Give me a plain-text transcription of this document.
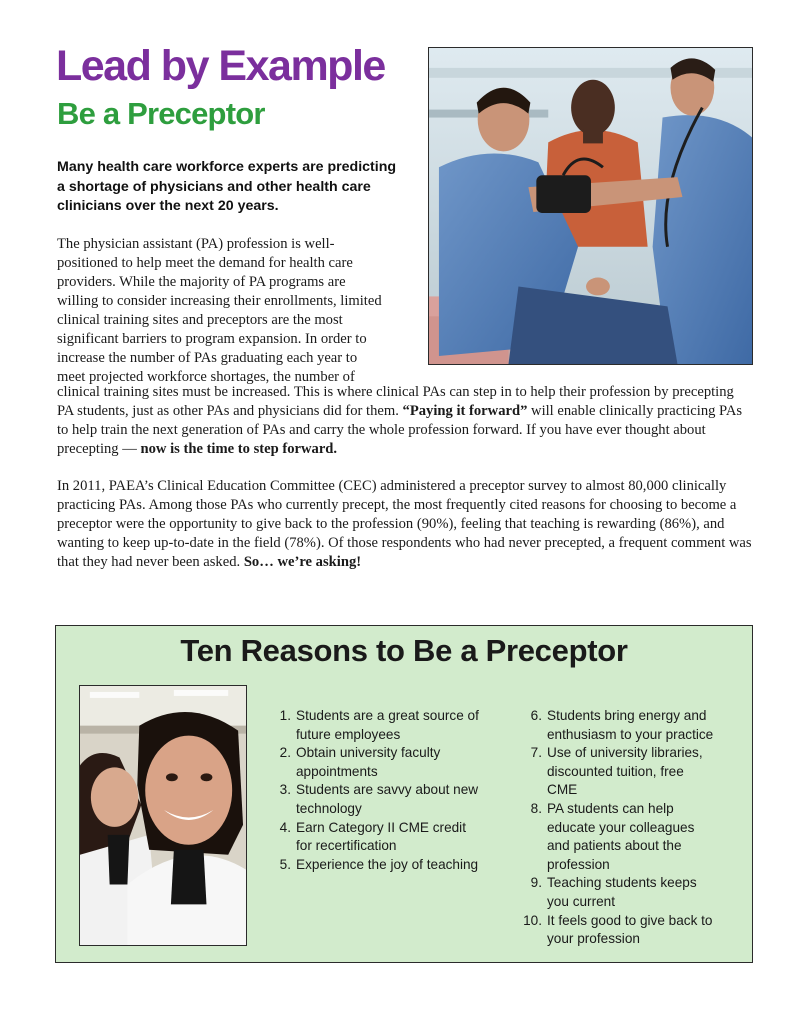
Lead by Example
Be a Preceptor

Many health care workforce experts are predicting a shortage of physicians and other health care clinicians over the next 20 years.

The physician assistant (PA) profession is well-positioned to help meet the demand for health care providers. While the majority of PA programs are willing to consider increasing their enrollments, limited clinical training sites and preceptors are the most significant barriers to program expansion. In order to increase the number of PAs graduating each year to meet projected workforce shortages, the number of

clinical training sites must be increased. This is where clinical PAs can step in to help their profession by precepting PA students, just as other PAs and physicians did for them. “Paying it forward” will enable clinically practicing PAs to help train the next generation of PAs and carry the whole profession forward. If you have ever thought about precepting — now is the time to step forward.

In 2011, PAEA’s Clinical Education Committee (CEC) administered a preceptor survey to almost 80,000 clinically practicing PAs. Among those PAs who currently precept, the most frequently cited reasons for choosing to become a preceptor were the opportunity to give back to the profession (90%), feeling that teaching is rewarding (86%), and wanting to keep up-to-date in the field (78%). Of those respondents who had never precepted, a frequent comment was that they had never been asked. So… we’re asking!

Ten Reasons to Be a Preceptor
1. Students are a great source of future employees
2. Obtain university faculty appointments
3. Students are savvy about new technology
4. Earn Category II CME credit for recertification
5. Experience the joy of teaching
6. Students bring energy and enthusiasm to your practice
7. Use of university libraries, discounted tuition, free CME
8. PA students can help educate your colleagues and patients about the profession
9. Teaching students keeps you current
10. It feels good to give back to your profession
